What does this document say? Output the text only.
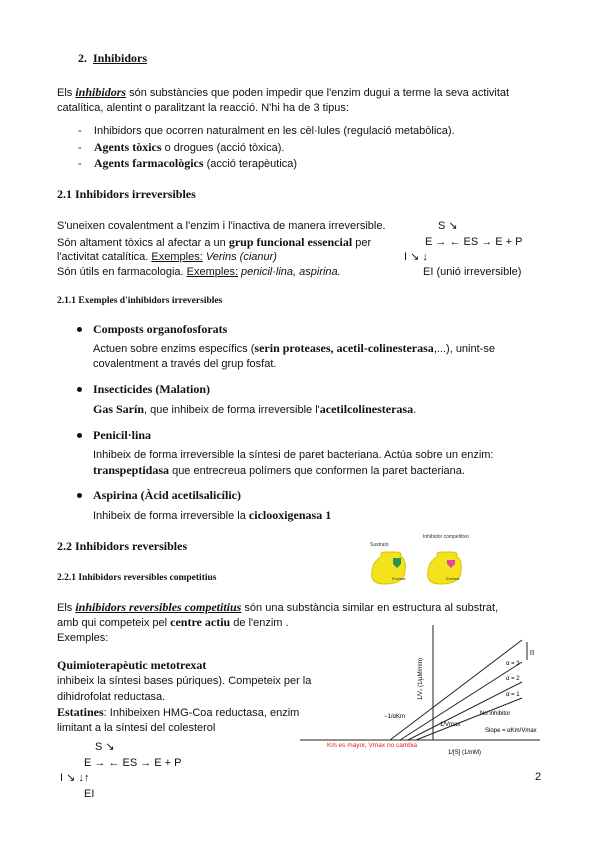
2. Inhibidors
Els inhibidors són substàncies que poden impedir que l'enzim dugui a terme la seva activitat
catalítica, alentint o paralitzant la reacció. N'hi ha de 3 tipus:
-    Inhibidors que ocorren naturalment en les cèl·lules (regulació metabòlica).
-    Agents tòxics o drogues (acció tòxica).
-    Agents farmacològics (acció terapèutica)
2.1 Inhibidors irreversibles
S'uneixen covalentment a l'enzim i l'inactiva de manera irreversible.
Són altament tòxics al afectar a un grup funcional essencial per
l'activitat catalítica. Exemples: Verins (cianur)
Són útils en farmacologia. Exemples: penicil·lina, aspirina.
S ↘
E → ← ES → E + P
I ↘ ↓
EI (unió irreversible)
2.1.1 Exemples d'inhibidors irreversibles
Composts organofosforats
Actuen sobre enzims específics (serin proteases, acetil-colinesterasa,...), unint-se
covalentment a través del grup fosfat.
Insecticides (Malation)
Gas Sarín, que inhibeix de forma irreversible l'acetilcolinesterasa.
Penicil·lina
Inhibeix de forma irreversible la síntesi de paret bacteriana. Actúa sobre un enzim:
transpeptidasa que entrecreua polímers que conformen la paret bacteriana.
Aspirina (Àcid acetilsalicílic)
Inhibeix de forma irreversible la ciclooxigenasa 1
2.2 Inhibidors reversibles
2.2.1 Inhibidors reversibles competitius
Sustrato
Inhibidor competitivo
Enzima	Enzima
Els inhibidors reversibles competitius són una substància similar en estructura al substrat,
amb qui competeix pel centre actiu de l'enzim .
Exemples:
Quimioterapèutic metotrexat
inhibeix la síntesi bases púriques). Competeix per la
dihidrofolat reductasa.
Estatines: Inhibeixen HMG-Coa reductasa, enzim
limitant a la síntesi del colesterol
S ↘
E → ← ES → E + P
I ↘ ↓↑
EI
[I]
α = 3
α = 2
α = 1
No inhibitor
Slope = αKm/Vmax
1/Vmax
−1/αKm
1/V₀ (1/µM/min)
1/[S] (1/mM)
Km es mayor, Vmax no cambia
2
